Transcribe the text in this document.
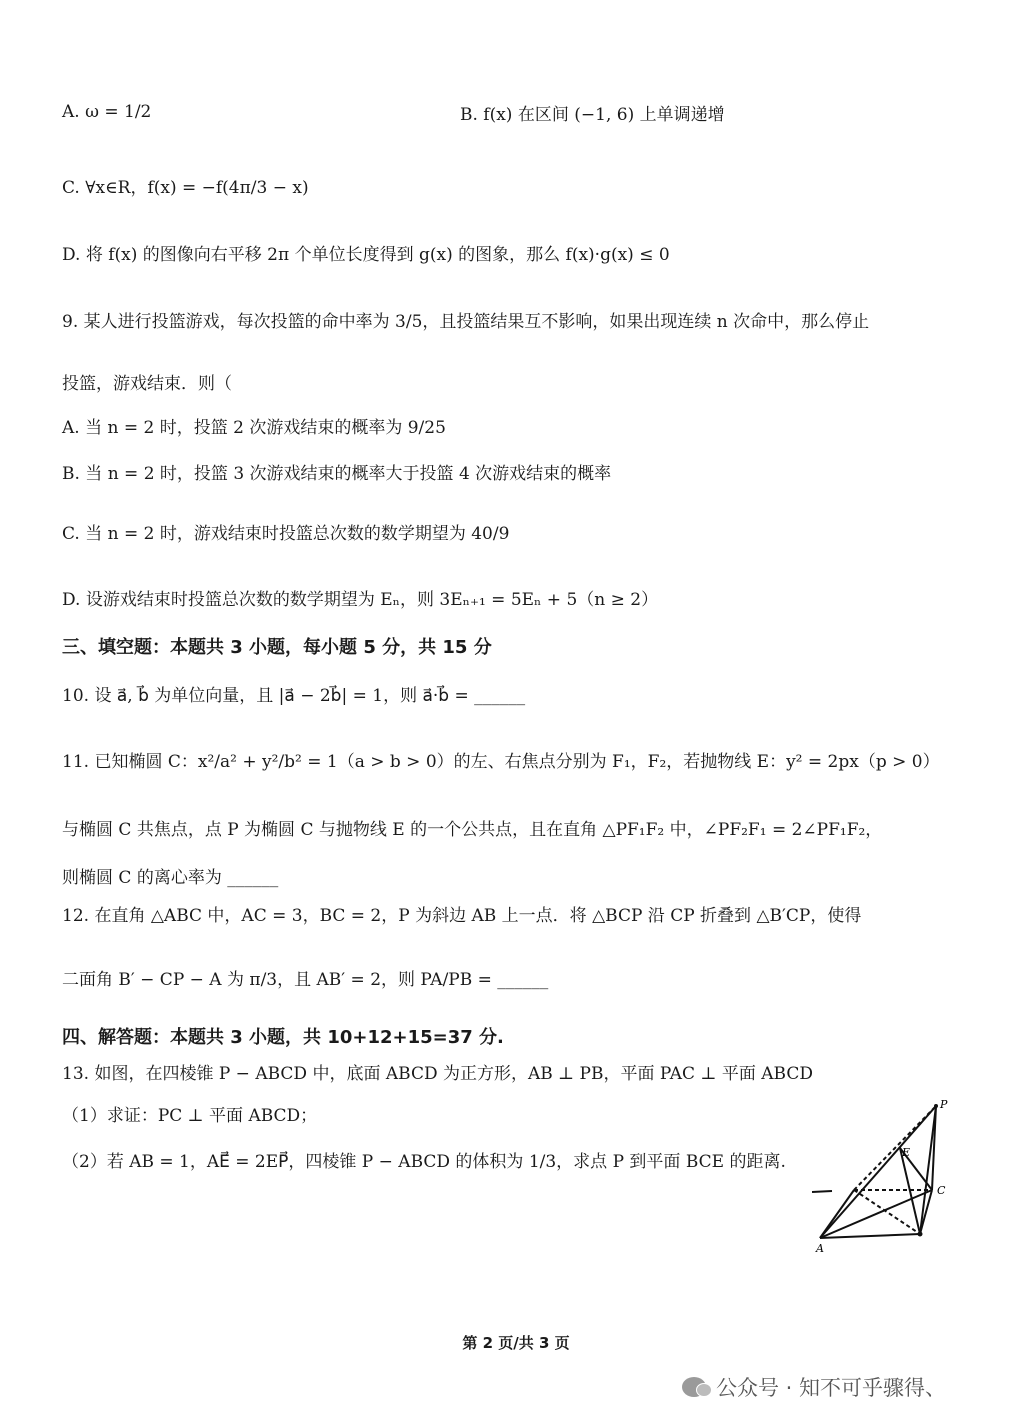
A. ω = 1/2	B. f(x) 在区间 (−1, 6) 上单调递增
C. ∀x∈R，f(x) = −f(4π/3 − x)
D. 将 f(x) 的图像向右平移 2π 个单位长度得到 g(x) 的图象，那么 f(x)·g(x) ≤ 0
9. 某人进行投篮游戏，每次投篮的命中率为 3/5，且投篮结果互不影响，如果出现连续 n 次命中，那么停止
投篮，游戏结束．则（
A. 当 n = 2 时，投篮 2 次游戏结束的概率为 9/25
B. 当 n = 2 时，投篮 3 次游戏结束的概率大于投篮 4 次游戏结束的概率
C. 当 n = 2 时，游戏结束时投篮总次数的数学期望为 40/9
D. 设游戏结束时投篮总次数的数学期望为 Eₙ，则 3Eₙ₊₁ = 5Eₙ + 5（n ≥ 2）
三、填空题：本题共 3 小题，每小题 5 分，共 15 分
10. 设 a⃗, b⃗ 为单位向量，且 |a⃗ − 2b⃗| = 1，则 a⃗·b⃗ = ______
11. 已知椭圆 C：x²/a² + y²/b² = 1（a > b > 0）的左、右焦点分别为 F₁，F₂，若抛物线 E：y² = 2px（p > 0）
与椭圆 C 共焦点，点 P 为椭圆 C 与抛物线 E 的一个公共点，且在直角 △PF₁F₂ 中，∠PF₂F₁ = 2∠PF₁F₂，
则椭圆 C 的离心率为 ______
12. 在直角 △ABC 中，AC = 3，BC = 2，P 为斜边 AB 上一点．将 △BCP 沿 CP 折叠到 △B′CP，使得
二面角 B′ − CP − A 为 π/3，且 AB′ = 2，则 PA/PB = ______
四、解答题：本题共 3 小题，共 10+12+15=37 分.
13. 如图，在四棱锥 P − ABCD 中，底面 ABCD 为正方形，AB ⊥ PB，平面 PAC ⊥ 平面 ABCD
（1）求证：PC ⊥ 平面 ABCD；
（2）若 AB = 1，AE⃗ = 2EP⃗，四棱锥 P − ABCD 的体积为 1/3，求点 P 到平面 BCE 的距离.
P
E
C
A
第 2 页/共 3 页
公众号 · 知不可乎骤得、
